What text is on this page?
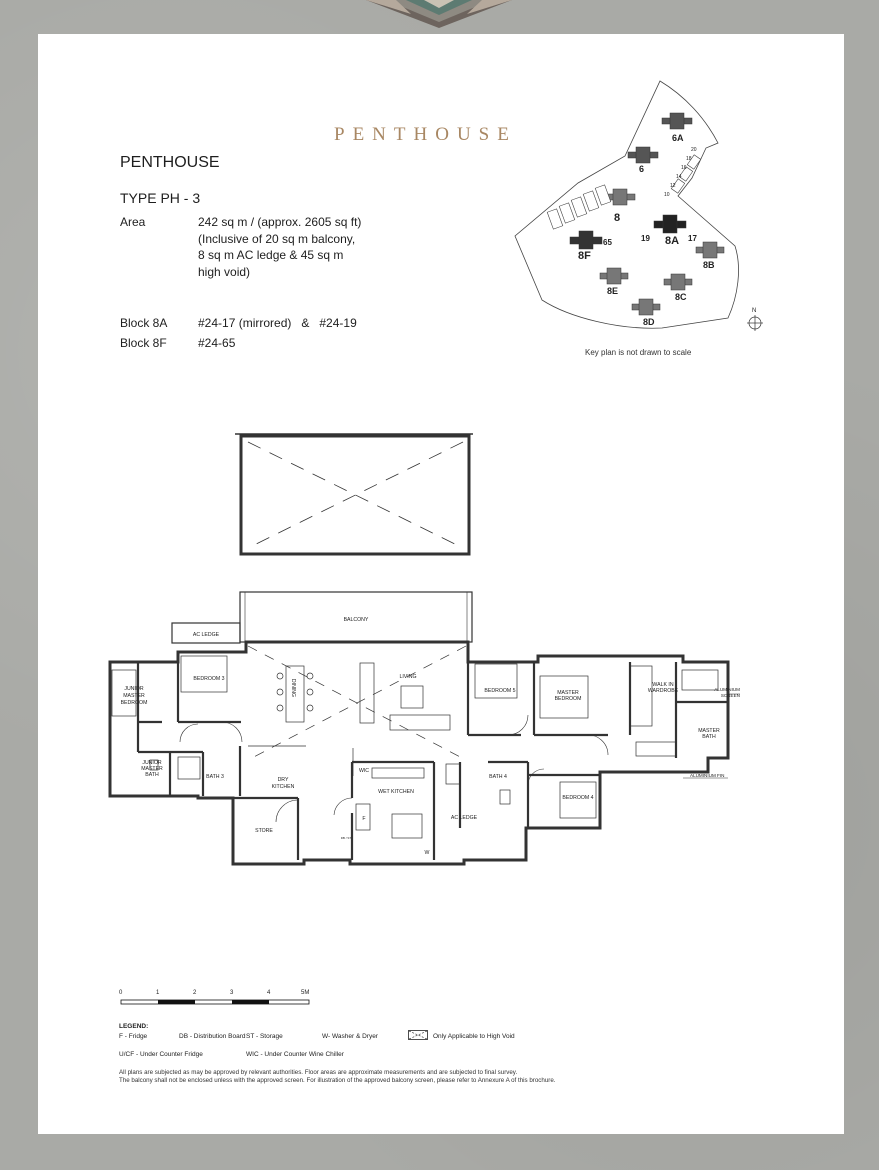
PENTHOUSE
PENTHOUSE
TYPE PH - 3
Area	242 sq m / (approx. 2605 sq ft)
(Inclusive of 20 sq m balcony,
8 sq m AC ledge & 45 sq m
high void)
Block 8A	#24-17 (mirrored)   &   #24-19
Block 8F	#24-65
6A
6
8
8A
8B
8C
8D
8E
8F
65	19	17
20
18
16
14
12
10
N
Key plan is not drawn to scale
BALCONY
AC LEDGE
BEDROOM 3
JUNIOR
MASTER
BEDROOM
JUNIOR
MASTER
BATH	BATH 3
DINING
LIVING
DRY
KITCHEN
STORE
WET KITCHEN
WIC
BEDROOM 5	MASTER
BEDROOM
WALK IN
WARDROBE
MASTER
BATH
BATH 4
BEDROOM 4
AC LEDGE
F
W
DB / ST
ALUMINIUM
SCREEN
ALUMINIUM FIN
0	1	2	3	4	5M
LEGEND:
F - Fridge	DB - Distribution Board ST - Storage	W- Washer & Dryer	Only Applicable to High Void
U/CF - Under Counter Fridge	WIC - Under Counter Wine Chiller
All plans are subjected as may be approved by relevant authorities. Floor areas are approximate measurements and are subjected to final survey.
The balcony shall not be enclosed unless with the approved screen. For illustration of the approved balcony screen, please refer to Annexure A of this brochure.
